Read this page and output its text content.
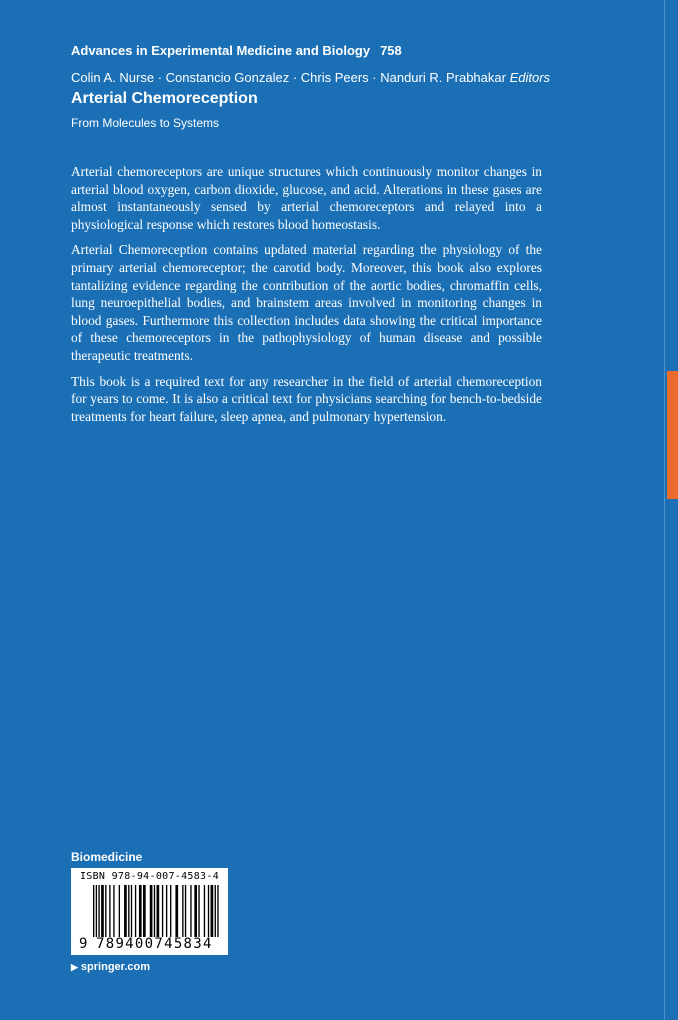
Advances in Experimental Medicine and Biology 758
Colin A. Nurse · Constancio Gonzalez · Chris Peers · Nanduri R. Prabhakar Editors
Arterial Chemoreception
From Molecules to Systems

Arterial chemoreceptors are unique structures which continuously monitor changes in arterial blood oxygen, carbon dioxide, glucose, and acid. Alterations in these gases are almost instantaneously sensed by arterial chemoreceptors and relayed into a physiological response which restores blood homeostasis.

Arterial Chemoreception contains updated material regarding the physiology of the primary arterial chemoreceptor; the carotid body. Moreover, this book also explores tantalizing evidence regarding the contribution of the aortic bodies, chromaffin cells, lung neuroepithelial bodies, and brainstem areas involved in monitoring changes in blood gases. Furthermore this collection includes data showing the critical importance of these chemoreceptors in the pathophysiology of human disease and possible therapeutic treatments.

This book is a required text for any researcher in the field of arterial chemoreception for years to come. It is also a critical text for physicians searching for bench-to-bedside treatments for heart failure, sleep apnea, and pulmonary hypertension.

Biomedicine
ISBN 978-94-007-4583-4
9 789400745834
▶ springer.com
